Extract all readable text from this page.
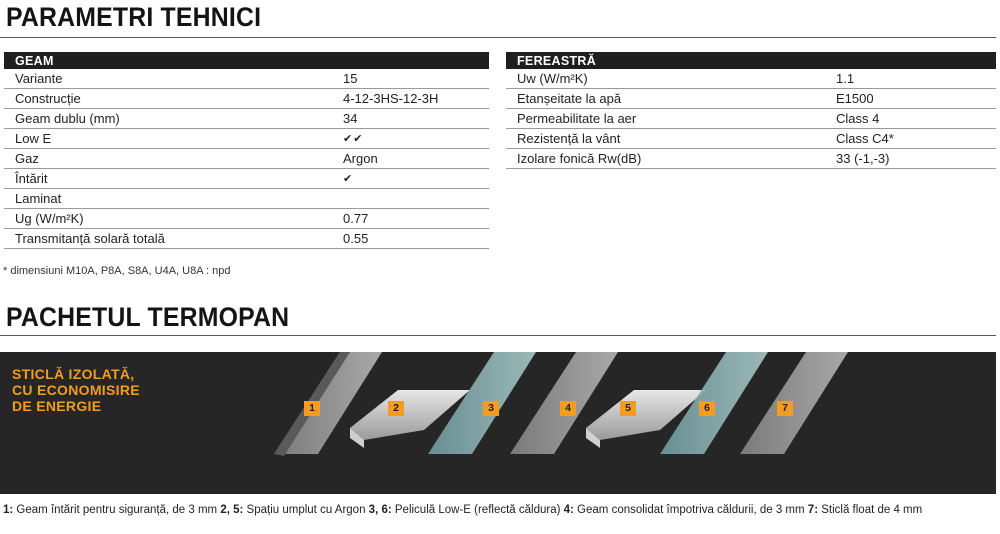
PARAMETRI TEHNICI
GEAM	
Variante	15
Construcție	4-12-3HS-12-3H
Geam dublu (mm)	34
Low E	✔✔
Gaz	Argon
Întărit	✔
Laminat	
Ug (W/m²K)	0.77
Transmitanță solară totală	0.55
FEREASTRĂ	
Uw (W/m²K)	1.1
Etanșeitate la apă	E1500
Permeabilitate la aer	Class 4
Rezistență la vânt	Class C4*
Izolare fonică Rw(dB)	33 (-1,-3)
* dimensiuni M10A, P8A, S8A, U4A, U8A : npd
PACHETUL TERMOPAN
STICLĂ IZOLATĂ,
CU ECONOMISIRE
DE ENERGIE	1	2	3	4	5	6	7
1: Geam întărit pentru siguranță, de 3 mm 2, 5: Spațiu umplut cu Argon 3, 6: Peliculă Low-E (reflectă căldura) 4: Geam consolidat împotriva căldurii, de 3 mm 7: Sticlă float de 4 mm
